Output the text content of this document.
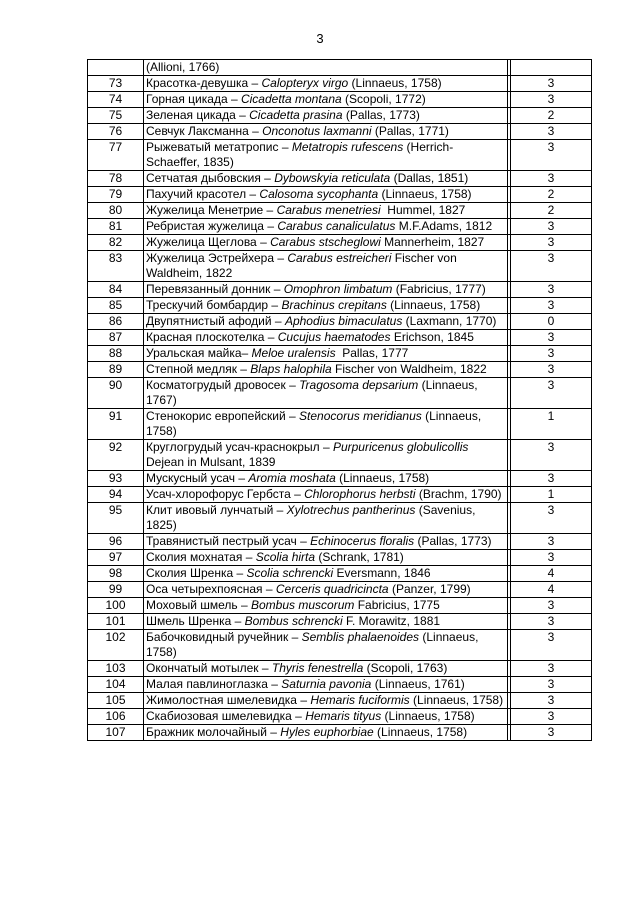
3
	(Allioni, 1766)		
73	Красотка-девушка – Calopteryx virgo (Linnaeus, 1758)		3
74	Горная цикада – Cicadetta montana (Scopoli, 1772)		3
75	Зеленая цикада – Cicadetta prasina (Pallas, 1773)		2
76	Севчук Лаксманна – Onconotus laxmanni (Pallas, 1771)		3
77	Рыжеватый метатропис – Metatropis rufescens (Herrich-Schaeffer, 1835)		3
78	Сетчатая дыбовския – Dybowskyia reticulata (Dallas, 1851)		3
79	Пахучий красотел – Calosoma sycophanta (Linnaeus, 1758)		2
80	Жужелица Менетрие – Carabus menetriesi  Hummel, 1827		2
81	Ребристая жужелица – Carabus canaliculatus M.F.Adams, 1812		3
82	Жужелица Щеглова – Carabus stscheglowi Mannerheim, 1827		3
83	Жужелица Эстрейхера – Carabus estreicheri Fischer von Waldheim, 1822		3
84	Перевязанный донник – Omophron limbatum (Fabricius, 1777)		3
85	Трескучий бомбардир – Brachinus crepitans (Linnaeus, 1758)		3
86	Двупятнистый афодий – Aphodius bimaculatus (Laxmann, 1770)		0
87	Красная плоскотелка – Cucujus haematodes Erichson, 1845		3
88	Уральская майка– Meloe uralensis  Pallas, 1777		3
89	Степной медляк – Blaps halophila Fischer von Waldheim, 1822		3
90	Косматогрудый дровосек – Tragosoma depsarium (Linnaeus, 1767)		3
91	Стенокорис европейский – Stenocorus meridianus (Linnaeus, 1758)		1
92	Круглогрудый усач-краснокрыл – Purpuricenus globulicollis Dejean in Mulsant, 1839		3
93	Мускусный усач – Aromia moshata (Linnaeus, 1758)		3
94	Усач-хлорофорус Гербста – Chlorophorus herbsti (Brachm, 1790)		1
95	Клит ивовый лунчатый – Xylotrechus pantherinus (Savenius, 1825)		3
96	Травянистый пестрый усач – Echinocerus floralis (Pallas, 1773)		3
97	Сколия мохнатая – Scolia hirta (Schrank, 1781)		3
98	Сколия Шренка – Scolia schrencki Eversmann, 1846		4
99	Оса четырехпоясная – Cerceris quadricincta (Panzer, 1799)		4
100	Моховый шмель – Bombus muscorum Fabricius, 1775		3
101	Шмель Шренка – Bombus schrencki F. Morawitz, 1881		3
102	Бабочковидный ручейник – Semblis phalaenoides (Linnaeus, 1758)		3
103	Окончатый мотылек – Thyris fenestrella (Scopoli, 1763)		3
104	Малая павлиноглазка – Saturnia pavonia (Linnaeus, 1761)		3
105	Жимолостная шмелевидка – Hemaris fuciformis (Linnaeus, 1758)		3
106	Скабиозовая шмелевидка – Hemaris tityus (Linnaeus, 1758)		3
107	Бражник молочайный – Hyles euphorbiae (Linnaeus, 1758)		3
